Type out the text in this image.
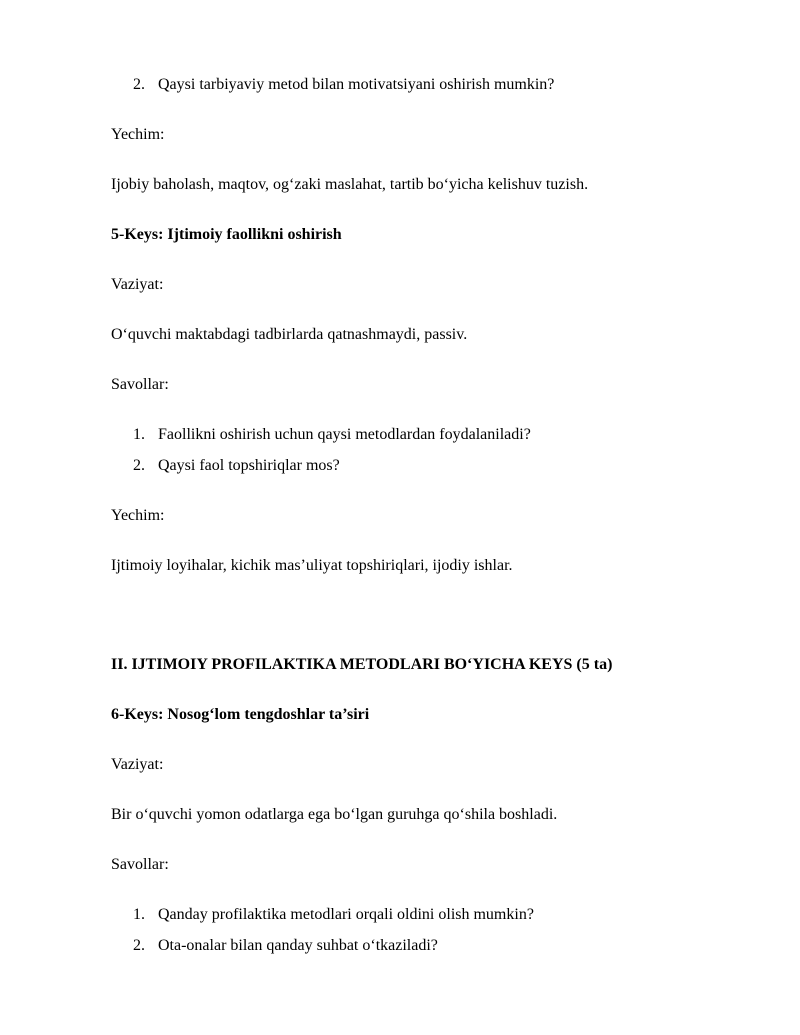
2. Qaysi tarbiyaviy metod bilan motivatsiyani oshirish mumkin?
Yechim:
Ijobiy baholash, maqtov, og‘zaki maslahat, tartib bo‘yicha kelishuv tuzish.
5-Keys: Ijtimoiy faollikni oshirish
Vaziyat:
O‘quvchi maktabdagi tadbirlarda qatnashmaydi, passiv.
Savollar:
1. Faollikni oshirish uchun qaysi metodlardan foydalaniladi?
2. Qaysi faol topshiriqlar mos?
Yechim:
Ijtimoiy loyihalar, kichik mas’uliyat topshiriqlari, ijodiy ishlar.
II. IJTIMOIY PROFILAKTIKA METODLARI BO‘YICHA KEYS (5 ta)
6-Keys: Nosog‘lom tengdoshlar ta’siri
Vaziyat:
Bir o‘quvchi yomon odatlarga ega bo‘lgan guruhga qo‘shila boshladi.
Savollar:
1. Qanday profilaktika metodlari orqali oldini olish mumkin?
2. Ota-onalar bilan qanday suhbat o‘tkaziladi?
